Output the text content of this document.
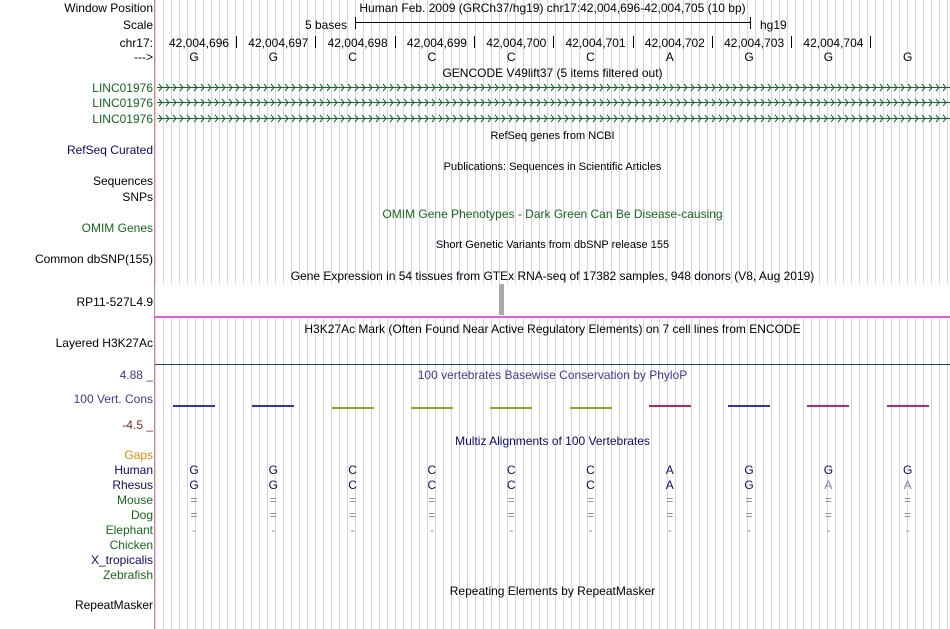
Window Position	Human Feb. 2009 (GRCh37/hg19) chr17:42,004,696-42,004,705 (10 bp)
Scale	5 bases	hg19
chr17: 42,004,696 42,004,697 42,004,698 42,004,699 42,004,700 42,004,701 42,004,702 42,004,703 42,004,704
--->	G	G	C	C	C	C	A	G	G	G
GENCODE V49lift37 (5 items filtered out)
LINC01976
LINC01976
LINC01976
RefSeq genes from NCBI
RefSeq Curated
Publications: Sequences in Scientific Articles
Sequences
SNPs
OMIM Gene Phenotypes - Dark Green Can Be Disease-causing
OMIM Genes
Short Genetic Variants from dbSNP release 155
Common dbSNP(155)
Gene Expression in 54 tissues from GTEx RNA-seq of 17382 samples, 948 donors (V8, Aug 2019)
RP11-527L4.9
H3K27Ac Mark (Often Found Near Active Regulatory Elements) on 7 cell lines from ENCODE
Layered H3K27Ac
4.88 _	100 vertebrates Basewise Conservation by PhyloP
100 Vert. Cons
-4.5 _
Multiz Alignments of 100 Vertebrates
Gaps
Human	G	G	C	C	C	C	A	G	G	G
Rhesus	G	G	C	C	C	C	A	G	A	A
Mouse	=	=	=	=	=	=	=	=	=	=
Dog	=	=	=	=	=	=	=	=	=	=
Elephant	-	-	-	-	-	-	-	-	-	-
Chicken
X_tropicalis
Zebrafish
Repeating Elements by RepeatMasker
RepeatMasker
